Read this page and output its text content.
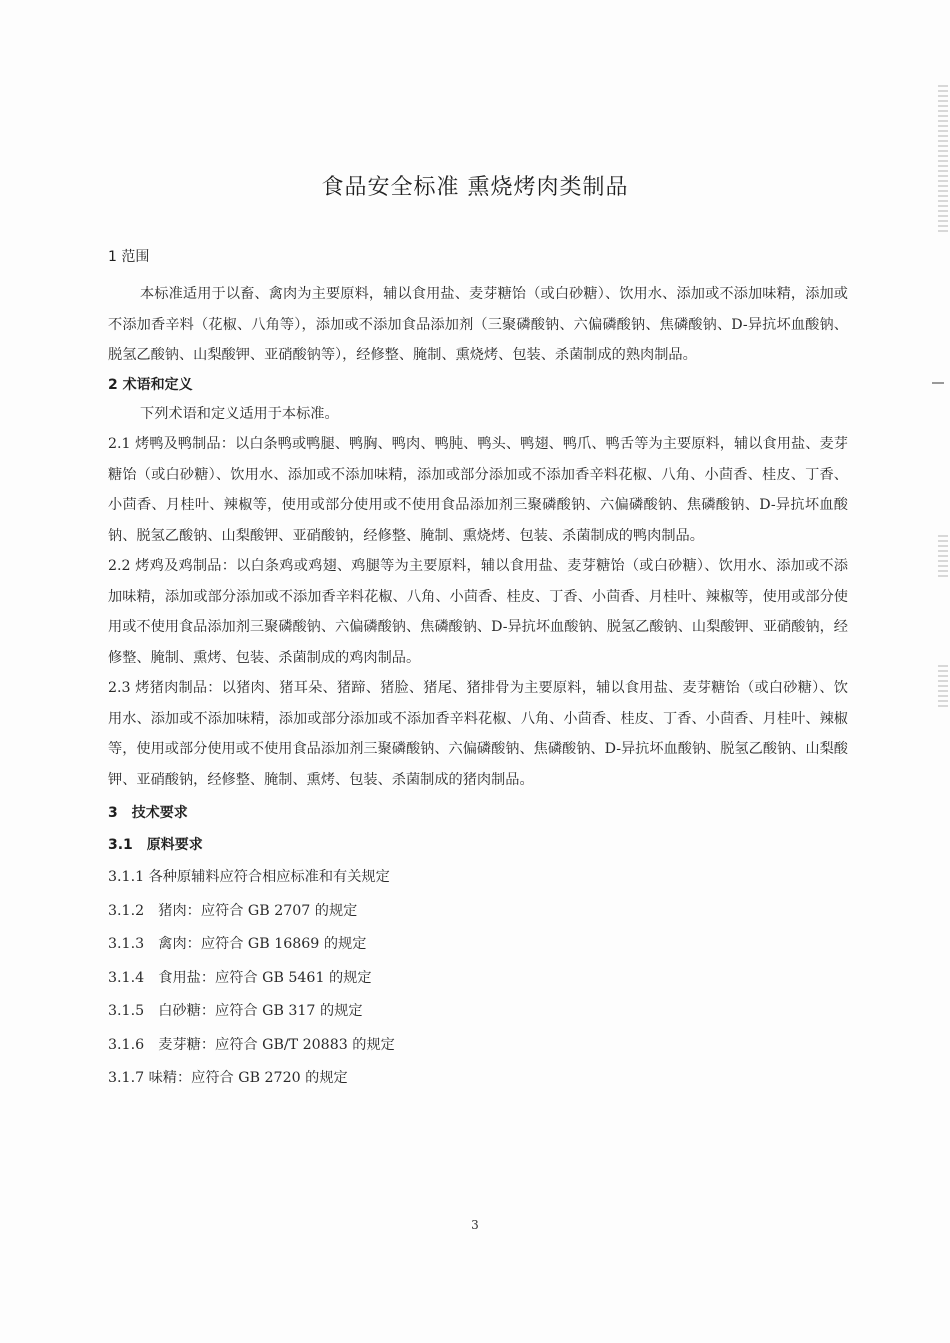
食品安全标准 熏烧烤肉类制品
1 范围
本标准适用于以畜、禽肉为主要原料，辅以食用盐、麦芽糖饴（或白砂糖）、饮用水、添加或不添加味精，添加或不添加香辛料（花椒、八角等），添加或不添加食品添加剂（三聚磷酸钠、六偏磷酸钠、焦磷酸钠、D-异抗坏血酸钠、脱氢乙酸钠、山梨酸钾、亚硝酸钠等），经修整、腌制、熏烧烤、包装、杀菌制成的熟肉制品。
2 术语和定义
下列术语和定义适用于本标准。
2.1 烤鸭及鸭制品：以白条鸭或鸭腿、鸭胸、鸭肉、鸭肫、鸭头、鸭翅、鸭爪、鸭舌等为主要原料，辅以食用盐、麦芽糖饴（或白砂糖）、饮用水、添加或不添加味精，添加或部分添加或不添加香辛料花椒、八角、小茴香、桂皮、丁香、小茴香、月桂叶、辣椒等，使用或部分使用或不使用食品添加剂三聚磷酸钠、六偏磷酸钠、焦磷酸钠、D-异抗坏血酸钠、脱氢乙酸钠、山梨酸钾、亚硝酸钠，经修整、腌制、熏烧烤、包装、杀菌制成的鸭肉制品。
2.2 烤鸡及鸡制品：以白条鸡或鸡翅、鸡腿等为主要原料，辅以食用盐、麦芽糖饴（或白砂糖）、饮用水、添加或不添加味精，添加或部分添加或不添加香辛料花椒、八角、小茴香、桂皮、丁香、小茴香、月桂叶、辣椒等，使用或部分使用或不使用食品添加剂三聚磷酸钠、六偏磷酸钠、焦磷酸钠、D-异抗坏血酸钠、脱氢乙酸钠、山梨酸钾、亚硝酸钠，经修整、腌制、熏烤、包装、杀菌制成的鸡肉制品。
2.3 烤猪肉制品：以猪肉、猪耳朵、猪蹄、猪脸、猪尾、猪排骨为主要原料，辅以食用盐、麦芽糖饴（或白砂糖）、饮用水、添加或不添加味精，添加或部分添加或不添加香辛料花椒、八角、小茴香、桂皮、丁香、小茴香、月桂叶、辣椒等，使用或部分使用或不使用食品添加剂三聚磷酸钠、六偏磷酸钠、焦磷酸钠、D-异抗坏血酸钠、脱氢乙酸钠、山梨酸钾、亚硝酸钠，经修整、腌制、熏烤、包装、杀菌制成的猪肉制品。
3　技术要求
3.1　原料要求
3.1.1 各种原辅料应符合相应标准和有关规定
3.1.2　猪肉：应符合 GB 2707 的规定
3.1.3　禽肉：应符合 GB 16869 的规定
3.1.4　食用盐：应符合 GB 5461 的规定
3.1.5　白砂糖：应符合 GB 317 的规定
3.1.6　麦芽糖：应符合 GB/T 20883 的规定
3.1.7 味精：应符合 GB 2720 的规定
3
